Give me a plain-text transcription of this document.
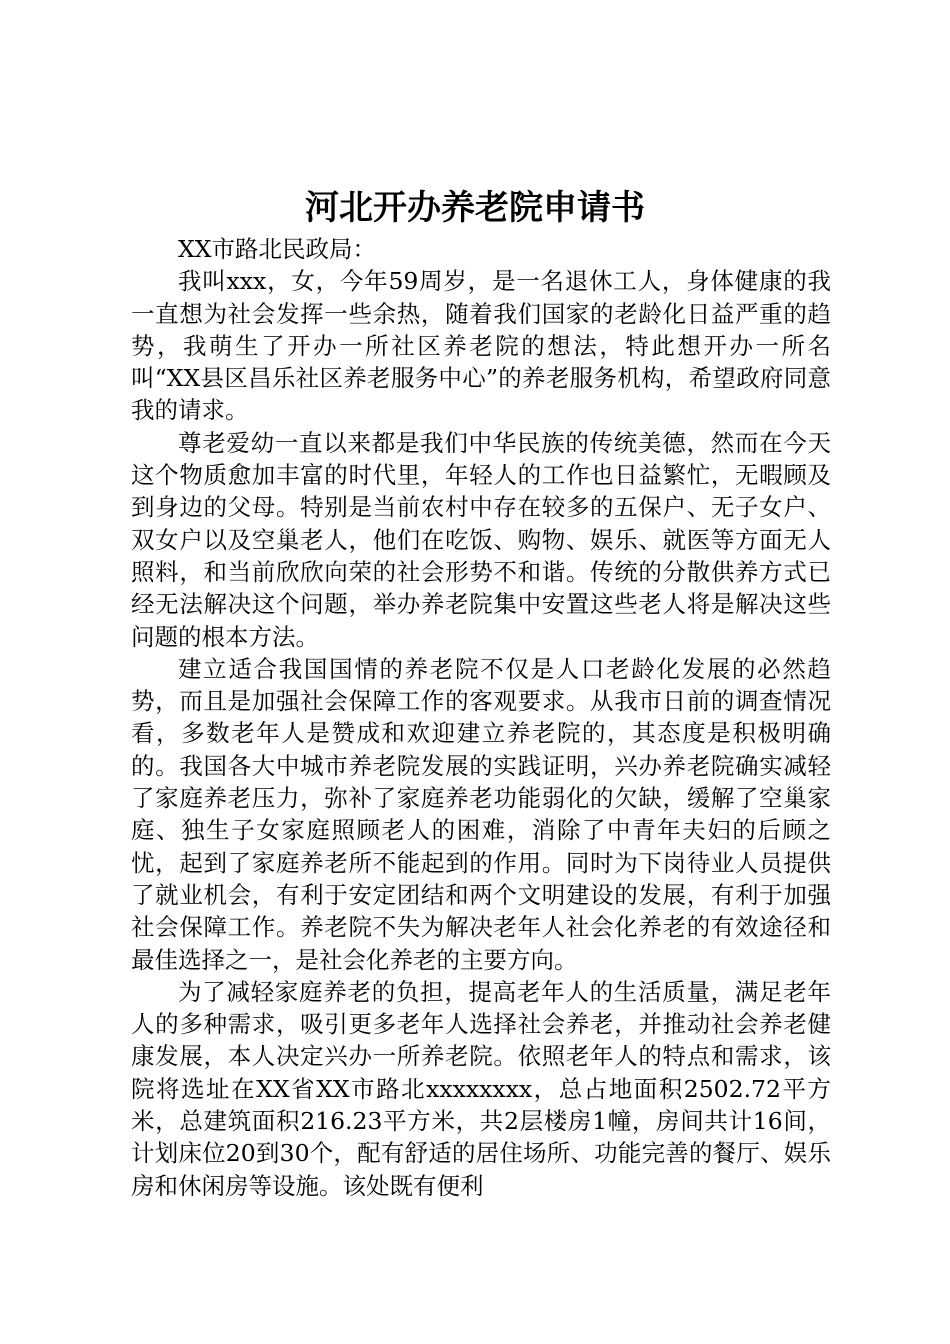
河北开办养老院申请书

XX市路北民政局：

我叫xxx，女，今年59周岁，是一名退休工人，身体健康的我一直想为社会发挥一些余热，随着我们国家的老龄化日益严重的趋势，我萌生了开办一所社区养老院的想法，特此想开办一所名叫“XX县区昌乐社区养老服务中心”的养老服务机构，希望政府同意我的请求。

尊老爱幼一直以来都是我们中华民族的传统美德，然而在今天这个物质愈加丰富的时代里，年轻人的工作也日益繁忙，无暇顾及到身边的父母。特别是当前农村中存在较多的五保户、无子女户、双女户以及空巢老人，他们在吃饭、购物、娱乐、就医等方面无人照料，和当前欣欣向荣的社会形势不和谐。传统的分散供养方式已经无法解决这个问题，举办养老院集中安置这些老人将是解决这些问题的根本方法。

建立适合我国国情的养老院不仅是人口老龄化发展的必然趋势，而且是加强社会保障工作的客观要求。从我市日前的调查情况看，多数老年人是赞成和欢迎建立养老院的，其态度是积极明确的。我国各大中城市养老院发展的实践证明，兴办养老院确实减轻了家庭养老压力，弥补了家庭养老功能弱化的欠缺，缓解了空巢家庭、独生子女家庭照顾老人的困难，消除了中青年夫妇的后顾之忧，起到了家庭养老所不能起到的作用。同时为下岗待业人员提供了就业机会，有利于安定团结和两个文明建设的发展，有利于加强社会保障工作。养老院不失为解决老年人社会化养老的有效途径和最佳选择之一，是社会化养老的主要方向。

为了减轻家庭养老的负担，提高老年人的生活质量，满足老年人的多种需求，吸引更多老年人选择社会养老，并推动社会养老健康发展，本人决定兴办一所养老院。依照老年人的特点和需求，该院将选址在XX省XX市路北xxxxxxxx，总占地面积2502.72平方米，总建筑面积216.23平方米，共2层楼房1幢，房间共计16间，计划床位20到30个，配有舒适的居住场所、功能完善的餐厅、娱乐房和休闲房等设施。该处既有便利
